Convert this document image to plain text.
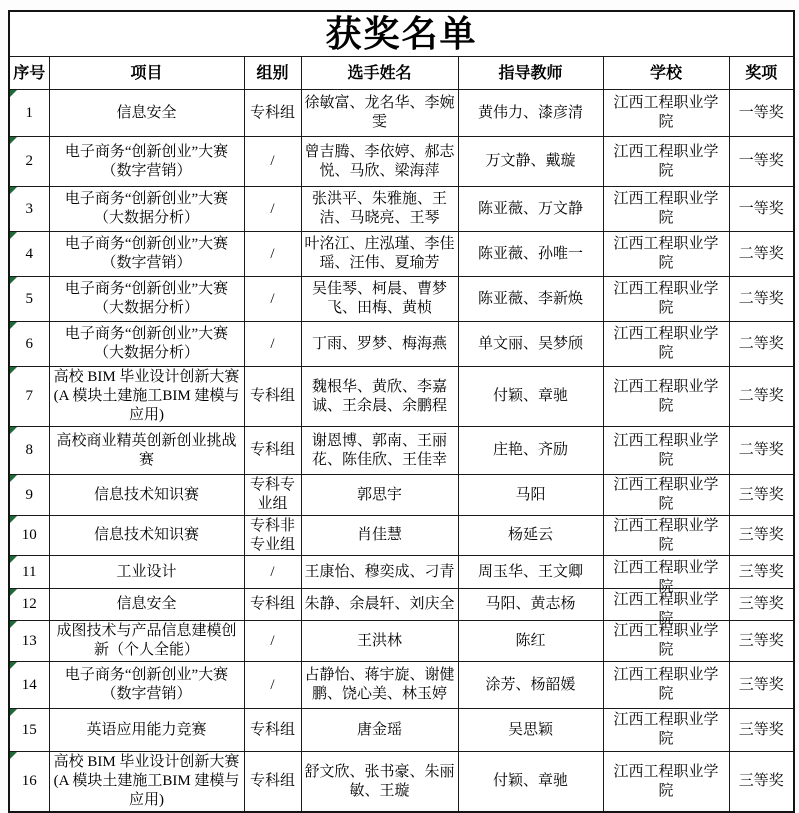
获奖名单						
序号	项目	组别	选手姓名	指导教师	学校	奖项

1	信息安全	专科组	徐敏富、龙名华、李婉雯	黄伟力、漆彦清	江西工程职业学院	一等奖

2	电子商务“创新创业”大赛（数字营销）	/	曾吉腾、李依婷、郝志悦、马欣、梁海萍	万文静、戴璇	江西工程职业学院	一等奖

3	电子商务“创新创业”大赛（大数据分析）	/	张洪平、朱雅施、王洁、马晓亮、王琴	陈亚薇、万文静	江西工程职业学院	一等奖

4	电子商务“创新创业”大赛（数字营销）	/	叶洺江、庄泓瑾、李佳瑶、汪伟、夏瑜芳	陈亚薇、孙唯一	江西工程职业学院	二等奖

5	电子商务“创新创业”大赛（大数据分析）	/	吴佳琴、柯晨、曹梦飞、田梅、黄桢	陈亚薇、李新焕	江西工程职业学院	二等奖

6	电子商务“创新创业”大赛（大数据分析）	/	丁雨、罗梦、梅海燕	单文丽、吴梦颀	江西工程职业学院	二等奖

7	高校 BIM 毕业设计创新大赛(A 模块土建施工BIM 建模与应用)	专科组	魏根华、黄欣、李嘉诚、王余晨、余鹏程	付颖、章驰	江西工程职业学院	二等奖

8	高校商业精英创新创业挑战赛	专科组	谢恩博、郭南、王丽花、陈佳欣、王佳幸	庄艳、齐励	江西工程职业学院	二等奖

9	信息技术知识赛	专科专业组	郭思宇	马阳	江西工程职业学院	三等奖

10	信息技术知识赛	专科非专业组	肖佳慧	杨延云	江西工程职业学院	三等奖

11	工业设计	/	王康怡、穆奕成、刁青	周玉华、王文卿	江西工程职业学院	三等奖

12	信息安全	专科组	朱静、余晨轩、刘庆全	马阳、黄志杨	江西工程职业学院	三等奖

13	成图技术与产品信息建模创新（个人全能）	/	王洪林	陈红	江西工程职业学院	三等奖

14	电子商务“创新创业”大赛（数字营销）	/	占静怡、蒋宇旋、谢健鹏、饶心美、林玉婷	涂芳、杨韶媛	江西工程职业学院	三等奖

15	英语应用能力竞赛	专科组	唐金瑶	吴思颖	江西工程职业学院	三等奖

16	高校 BIM 毕业设计创新大赛(A 模块土建施工BIM 建模与应用)	专科组	舒文欣、张书豪、朱丽敏、王璇	付颖、章驰	江西工程职业学院	三等奖
